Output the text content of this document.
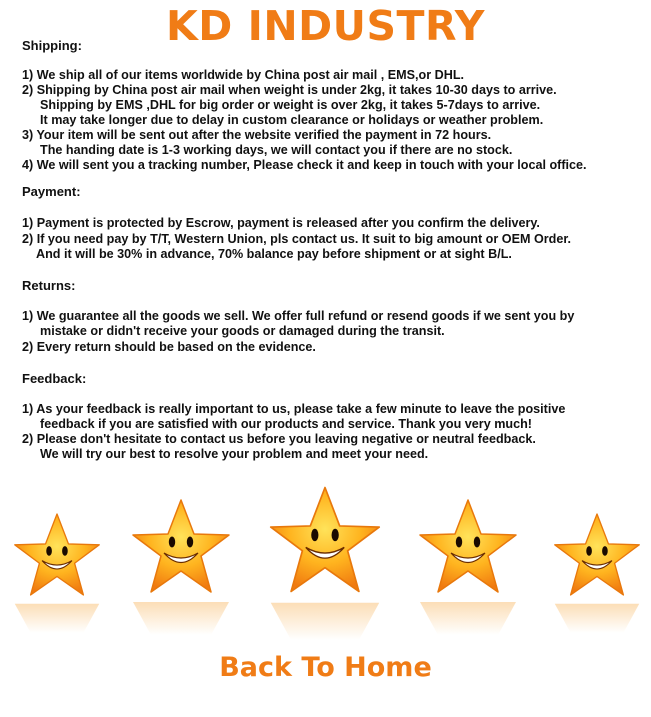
KD INDUSTRY
Shipping:
1) We ship all of our items worldwide by China post air mail , EMS,or DHL.
2) Shipping by China post air mail when weight is under 2kg, it takes 10-30 days to arrive.
Shipping by EMS ,DHL for big order or weight is over 2kg, it takes 5-7days to arrive.
It may take longer due to delay in custom clearance or holidays or weather problem.
3) Your item will be sent out after the website verified the payment in 72 hours.
The handing date is 1-3 working days, we will contact you if there are no stock.
4) We will sent you a tracking number, Please check it and keep in touch with your local office.
Payment:
1) Payment is protected by Escrow, payment is released after you confirm the delivery.
2) If you need pay by T/T, Western Union, pls contact us. It suit to big amount or OEM Order.
And it will be 30% in advance, 70% balance pay before shipment or at sight B/L.
Returns:
1) We guarantee all the goods we sell. We offer full refund or resend goods if we sent you by
mistake or didn't receive your goods or damaged during the transit.
2) Every return should be based on the evidence.
Feedback:
1) As your feedback is really important to us, please take a few minute to leave the positive
feedback if you are satisfied with our products and service. Thank you very much!
2) Please don't hesitate to contact us before you leaving negative or neutral feedback.
We will try our best to resolve your problem and meet your need.
Back To Home
